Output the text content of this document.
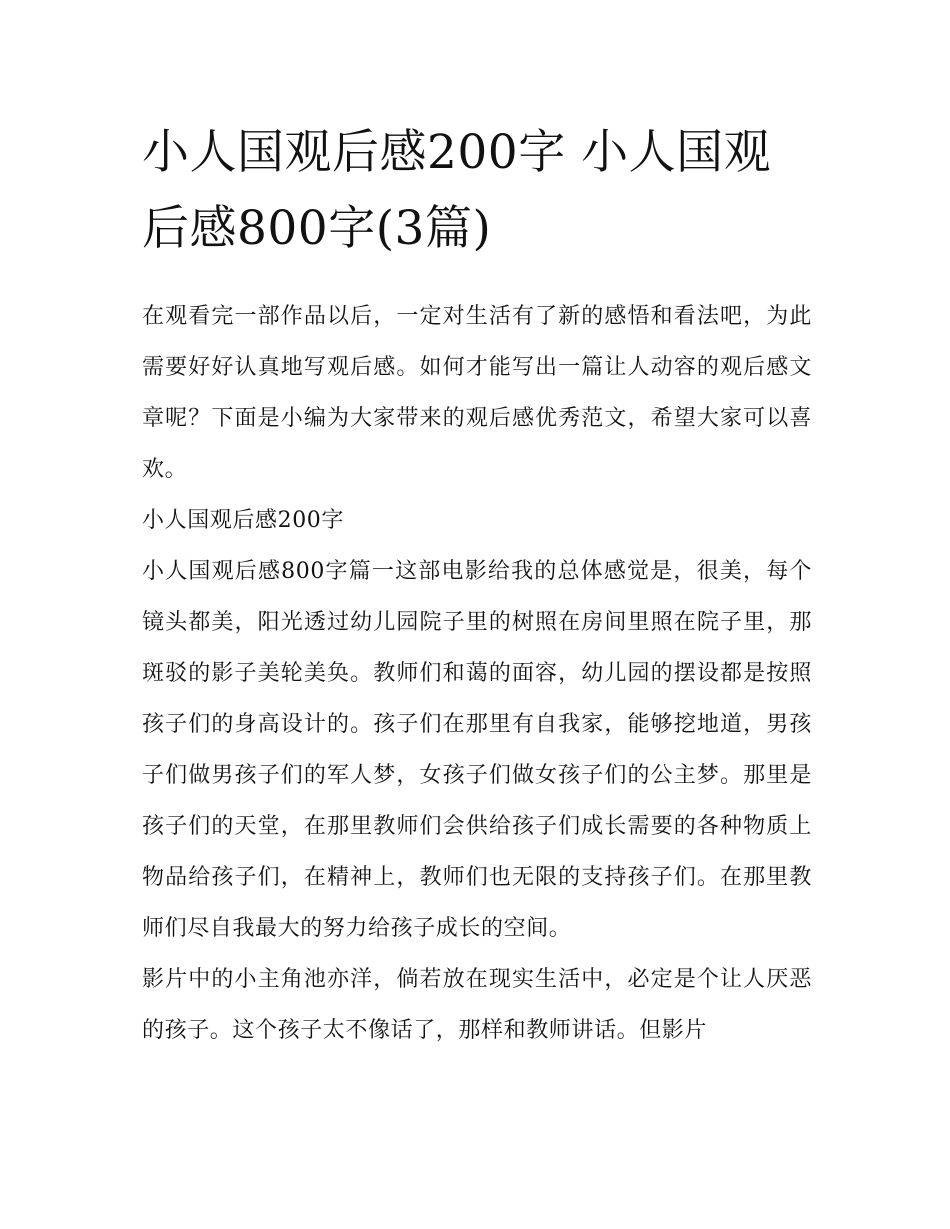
小人国观后感200字 小人国观后感800字(3篇)

在观看完一部作品以后，一定对生活有了新的感悟和看法吧，为此需要好好认真地写观后感。如何才能写出一篇让人动容的观后感文章呢？下面是小编为大家带来的观后感优秀范文，希望大家可以喜欢。

小人国观后感200字

小人国观后感800字篇一这部电影给我的总体感觉是，很美，每个镜头都美，阳光透过幼儿园院子里的树照在房间里照在院子里，那斑驳的影子美轮美奂。教师们和蔼的面容，幼儿园的摆设都是按照孩子们的身高设计的。孩子们在那里有自我家，能够挖地道，男孩子们做男孩子们的军人梦，女孩子们做女孩子们的公主梦。那里是孩子们的天堂，在那里教师们会供给孩子们成长需要的各种物质上物品给孩子们，在精神上，教师们也无限的支持孩子们。在那里教师们尽自我最大的努力给孩子成长的空间。

影片中的小主角池亦洋，倘若放在现实生活中，必定是个让人厌恶的孩子。这个孩子太不像话了，那样和教师讲话。但影片
